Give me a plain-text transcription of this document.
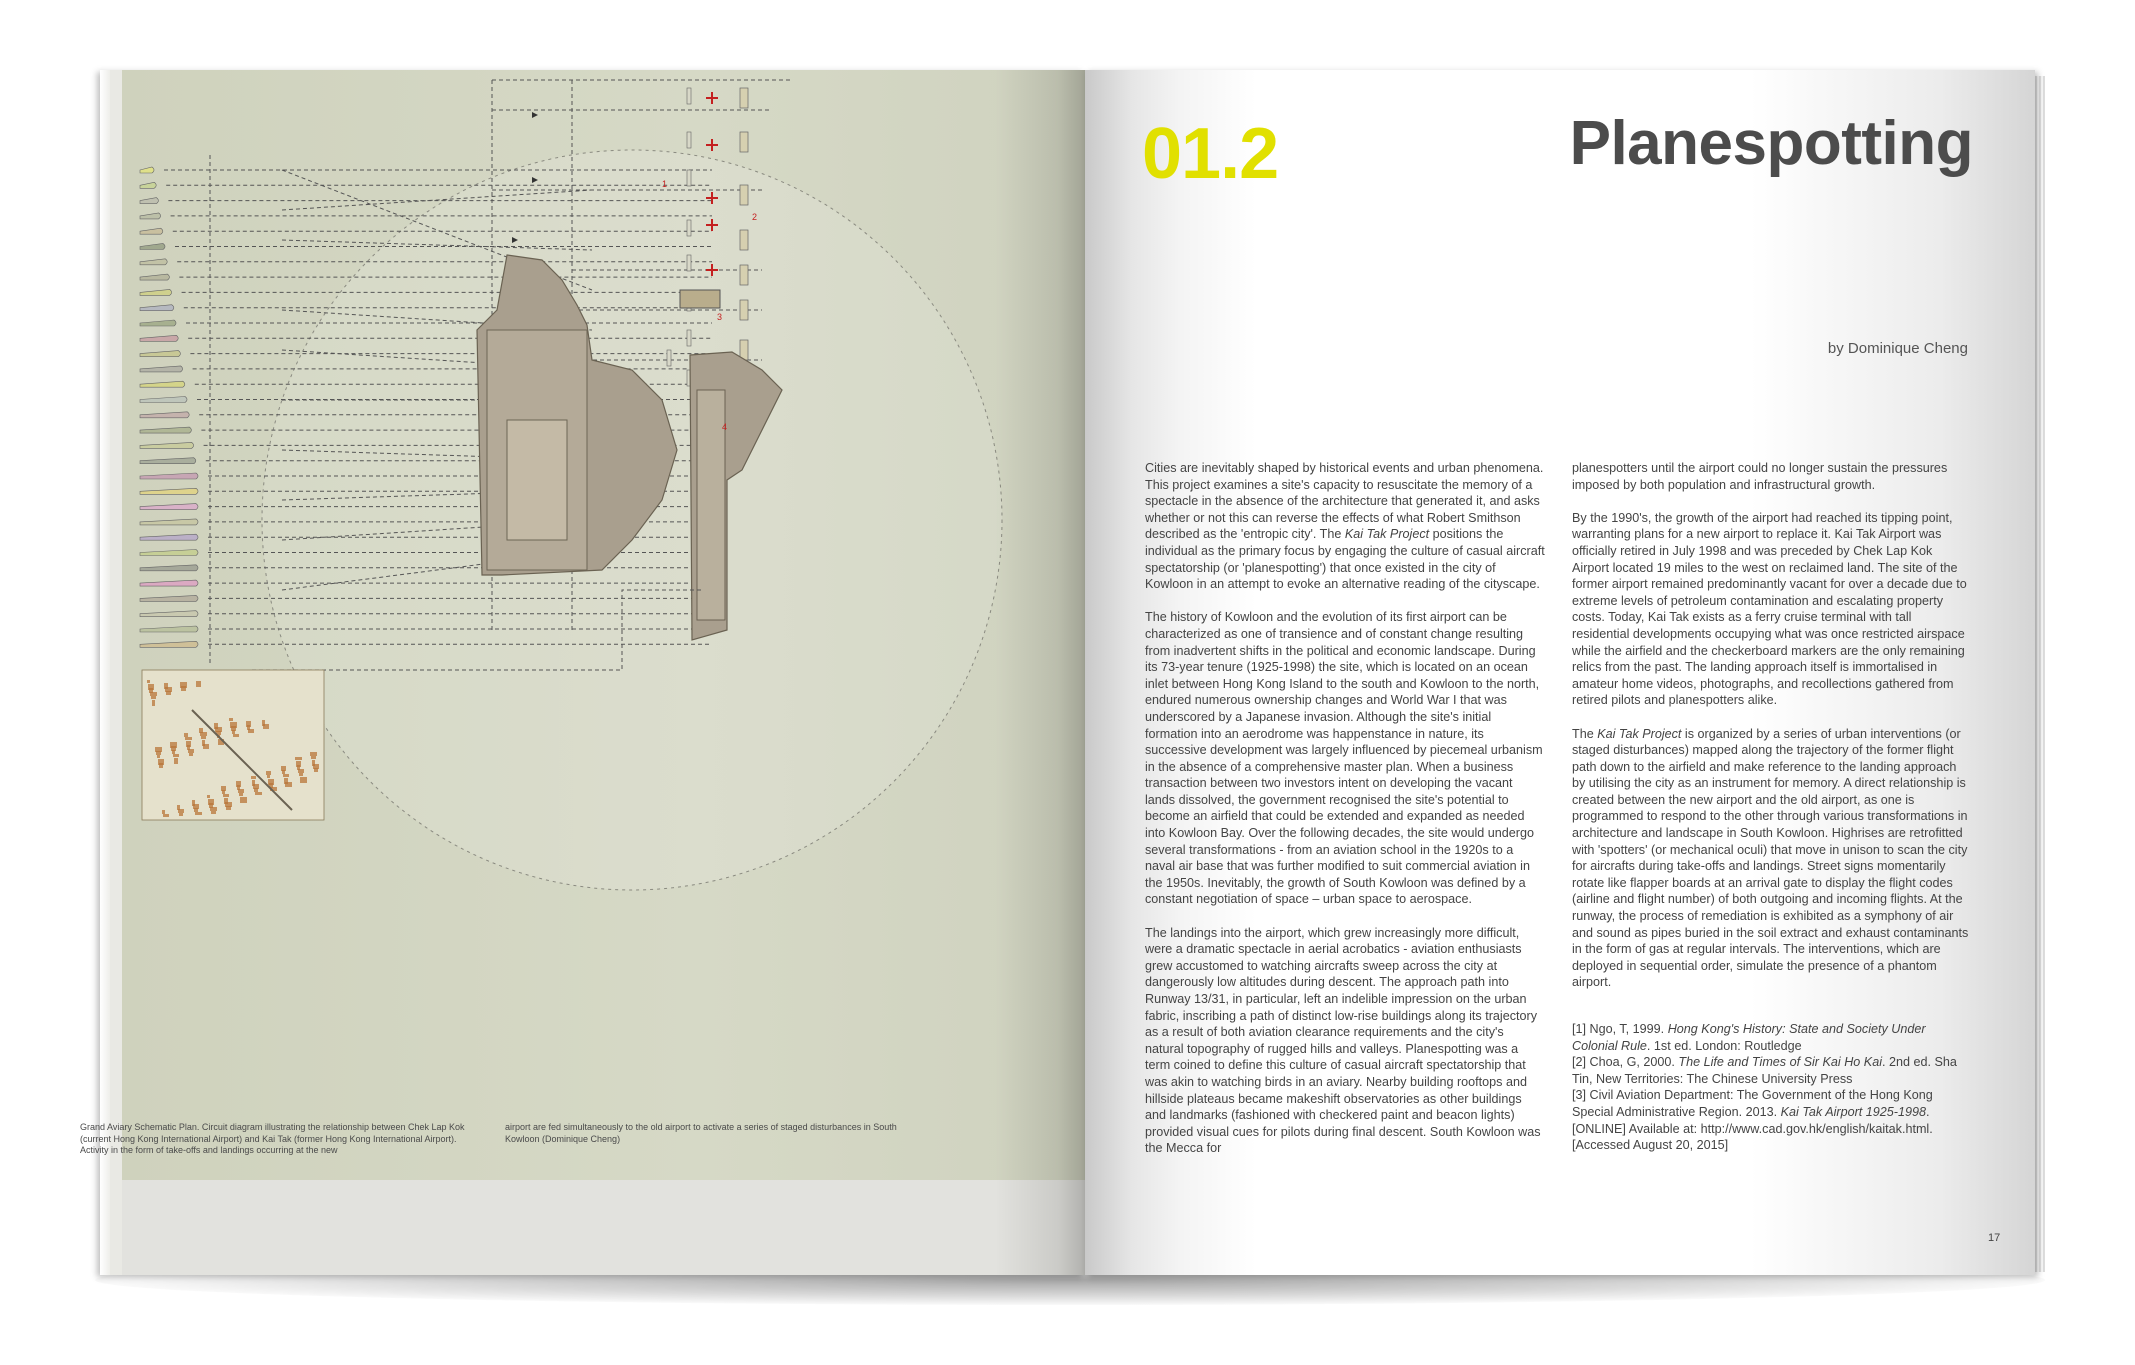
1
2
3
4
Grand Aviary Schematic Plan. Circuit diagram illustrating the relationship between Chek Lap Kok (current Hong Kong International Airport) and Kai Tak (former Hong Kong International Airport). Activity in the form of take-offs and landings occurring at the new
airport are fed simultaneously to the old airport to activate a series of staged disturbances in South Kowloon (Dominique Cheng)
01.2	Planespotting
by Dominique Cheng

Cities are inevitably shaped by historical events and urban phenomena. This project examines a site's capacity to resuscitate the memory of a spectacle in the absence of the architecture that generated it, and asks whether or not this can reverse the effects of what Robert Smithson described as the 'entropic city'. The Kai Tak Project positions the individual as the primary focus by engaging the culture of casual aircraft spectatorship (or 'planespotting') that once existed in the city of Kowloon in an attempt to evoke an alternative reading of the cityscape.

The history of Kowloon and the evolution of its first airport can be characterized as one of transience and of constant change resulting from inadvertent shifts in the political and economic landscape. During its 73-year tenure (1925-1998) the site, which is located on an ocean inlet between Hong Kong Island to the south and Kowloon to the north, endured numerous ownership changes and World War I that was underscored by a Japanese invasion. Although the site's initial formation into an aerodrome was happenstance in nature, its successive development was largely influenced by piecemeal urbanism in the absence of a comprehensive master plan. When a business transaction between two investors intent on developing the vacant lands dissolved, the government recognised the site's potential to become an airfield that could be extended and expanded as needed into Kowloon Bay. Over the following decades, the site would undergo several transformations - from an aviation school in the 1920s to a naval air base that was further modified to suit commercial aviation in the 1950s. Inevitably, the growth of South Kowloon was defined by a constant negotiation of space – urban space to aerospace.

The landings into the airport, which grew increasingly more difficult, were a dramatic spectacle in aerial acrobatics - aviation enthusiasts grew accustomed to watching aircrafts sweep across the city at dangerously low altitudes during descent. The approach path into Runway 13/31, in particular, left an indelible impression on the urban fabric, inscribing a path of distinct low-rise buildings along its trajectory as a result of both aviation clearance requirements and the city's natural topography of rugged hills and valleys. Planespotting was a term coined to define this culture of casual aircraft spectatorship that was akin to watching birds in an aviary. Nearby building rooftops and hillside plateaus became makeshift observatories as other buildings and landmarks (fashioned with checkered paint and beacon lights) provided visual cues for pilots during final descent. South Kowloon was the Mecca for

planespotters until the airport could no longer sustain the pressures imposed by both population and infrastructural growth.

By the 1990's, the growth of the airport had reached its tipping point, warranting plans for a new airport to replace it. Kai Tak Airport was officially retired in July 1998 and was preceded by Chek Lap Kok Airport located 19 miles to the west on reclaimed land. The site of the former airport remained predominantly vacant for over a decade due to extreme levels of petroleum contamination and escalating property costs. Today, Kai Tak exists as a ferry cruise terminal with tall residential developments occupying what was once restricted airspace while the airfield and the checkerboard markers are the only remaining relics from the past. The landing approach itself is immortalised in amateur home videos, photographs, and recollections gathered from retired pilots and planespotters alike.

The Kai Tak Project is organized by a series of urban interventions (or staged disturbances) mapped along the trajectory of the former flight path down to the airfield and make reference to the landing approach by utilising the city as an instrument for memory. A direct relationship is created between the new airport and the old airport, as one is programmed to respond to the other through various transformations in architecture and landscape in South Kowloon. Highrises are retrofitted with 'spotters' (or mechanical oculi) that move in unison to scan the city for aircrafts during take-offs and landings. Street signs momentarily rotate like flapper boards at an arrival gate to display the flight codes (airline and flight number) of both outgoing and incoming flights. At the runway, the process of remediation is exhibited as a symphony of air and sound as pipes buried in the soil extract and exhaust contaminants in the form of gas at regular intervals. The interventions, which are deployed in sequential order, simulate the presence of a phantom airport.

[1] Ngo, T, 1999. Hong Kong's History: State and Society Under Colonial Rule. 1st ed. London: Routledge
[2] Choa, G, 2000. The Life and Times of Sir Kai Ho Kai. 2nd ed. Sha Tin, New Territories: The Chinese University Press
[3] Civil Aviation Department: The Government of the Hong Kong Special Administrative Region. 2013. Kai Tak Airport 1925-1998. [ONLINE] Available at: http://www.cad.gov.hk/english/kaitak.html. [Accessed August 20, 2015]
17
